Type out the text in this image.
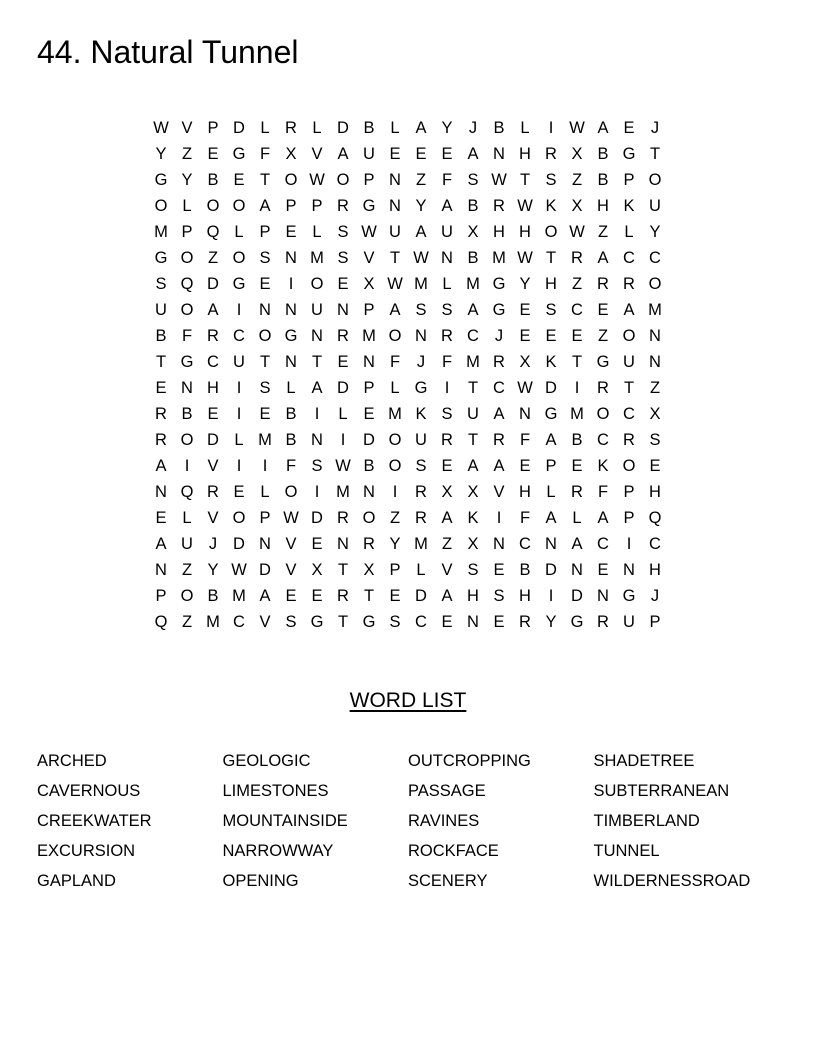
44. Natural Tunnel
W V P D L R L D B L A Y J B L	I W A E J
Y Z E G F X V A U E E E A N H R X B G T
G Y B E T O W O P N Z F S W T S Z B P O
O L O O A P P R G N Y A B R W K X H K U
M P Q L P E L S W U A U X H H O W Z L Y
G O Z O S N M S V T W N B M W T R A C C
S Q D G E	I	O E X W M L M G Y H Z R R O
U O A	I	N N U N P A S S A G E S C E A M
B F R C O G N R M O N R C J E E E Z O N
T G C U T N T E N F	J	F M R X K T G U N
E N H	I	S L A D P L G	I	T C W D	I	R T Z
R B E	I	E B	I	L E M K S U A N G M O C X
R O D L M B N	I	D O U R T R F A B C R S
A	I	V	I	I	F S W B O S E A A E P E K O E
N Q R E L O	I	M N	I	R X X V H L R F P H
E L V O P W D R O Z R A K	I	F A L A P Q
A U J D N V E N R Y M Z X N C N A C	I	C
N Z Y W D V X T X P L V S E B D N E N H
P O B M A E E R T E D A H S H	I	D N G J
Q Z M C V S G T G S C E N E R Y G R U P
WORD LIST
ARCHED
CAVERNOUS
CREEKWATER
EXCURSION
GAPLAND
GEOLOGIC
LIMESTONES
MOUNTAINSIDE
NARROWWAY
OPENING
OUTCROPPING
PASSAGE
RAVINES
ROCKFACE
SCENERY
SHADETREE
SUBTERRANEAN
TIMBERLAND
TUNNEL
WILDERNESSROAD
